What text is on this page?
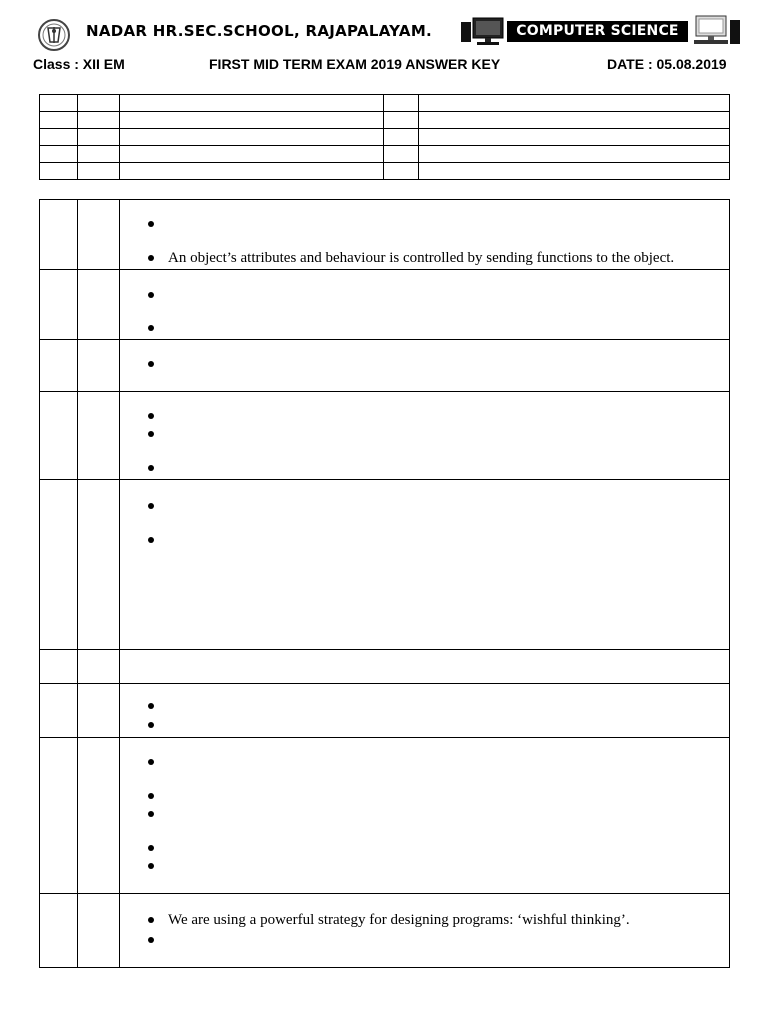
NADAR HR.SEC.SCHOOL, RAJAPALAYAM.	COMPUTER SCIENCE
Class : XII EM	FIRST MID TERM EXAM 2019 ANSWER KEY	DATE : 05.08.2019

		An object’s attributes and behaviour is controlled by sending functions to the object.

		We are using a powerful strategy for designing programs: ‘wishful thinking’.
